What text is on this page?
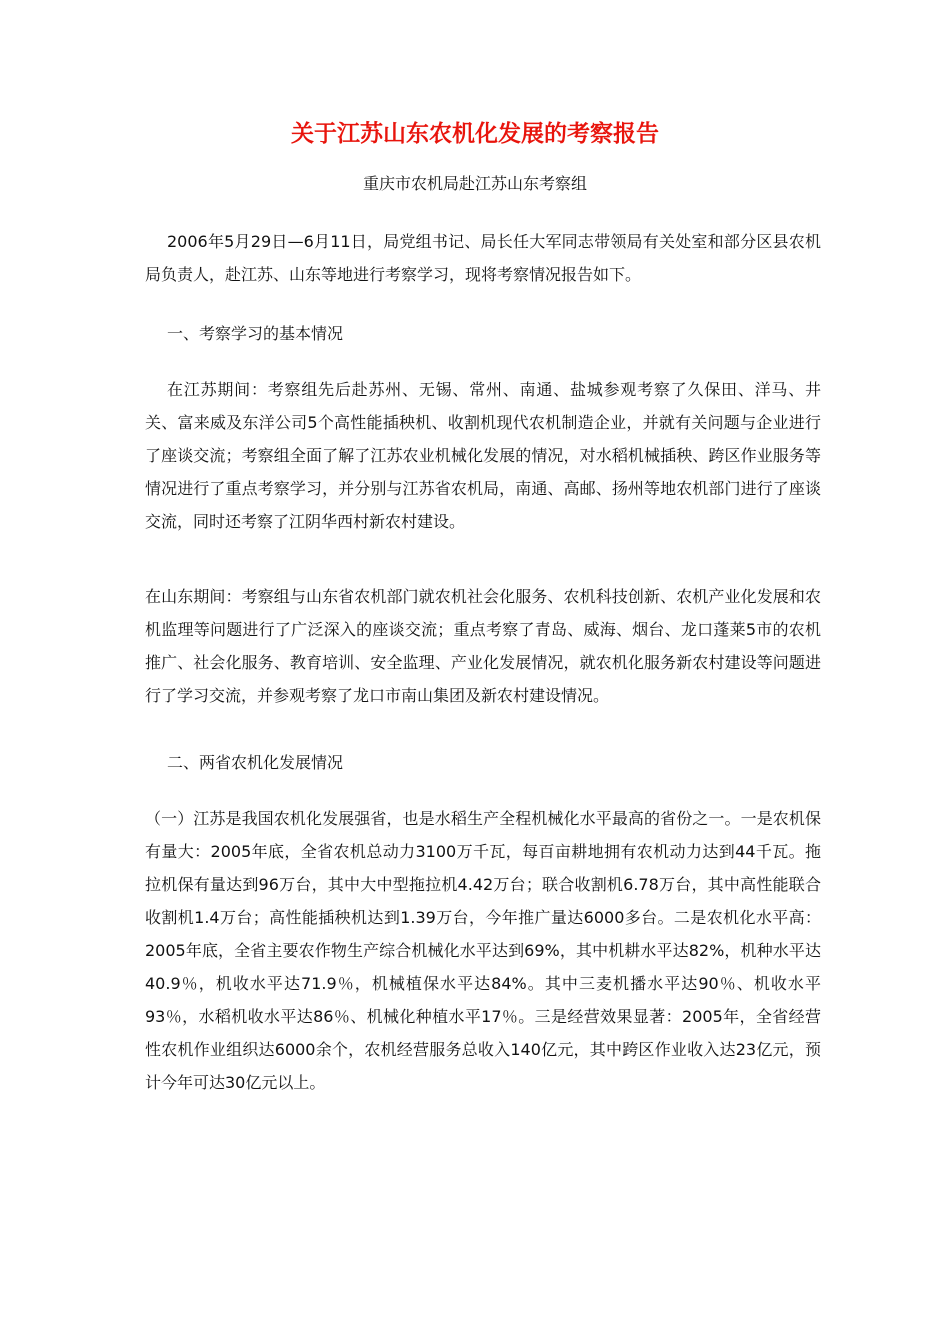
关于江苏山东农机化发展的考察报告

重庆市农机局赴江苏山东考察组

2006年5月29日—6月11日，局党组书记、局长任大军同志带领局有关处室和部分区县农机局负责人，赴江苏、山东等地进行考察学习，现将考察情况报告如下。

一、考察学习的基本情况

在江苏期间：考察组先后赴苏州、无锡、常州、南通、盐城参观考察了久保田、洋马、井关、富来威及东洋公司5个高性能插秧机、收割机现代农机制造企业，并就有关问题与企业进行了座谈交流；考察组全面了解了江苏农业机械化发展的情况，对水稻机械插秧、跨区作业服务等情况进行了重点考察学习，并分别与江苏省农机局，南通、高邮、扬州等地农机部门进行了座谈交流，同时还考察了江阴华西村新农村建设。

在山东期间：考察组与山东省农机部门就农机社会化服务、农机科技创新、农机产业化发展和农机监理等问题进行了广泛深入的座谈交流；重点考察了青岛、威海、烟台、龙口蓬莱5市的农机推广、社会化服务、教育培训、安全监理、产业化发展情况，就农机化服务新农村建设等问题进行了学习交流，并参观考察了龙口市南山集团及新农村建设情况。

二、两省农机化发展情况

（一）江苏是我国农机化发展强省，也是水稻生产全程机械化水平最高的省份之一。一是农机保有量大：2005年底，全省农机总动力3100万千瓦，每百亩耕地拥有农机动力达到44千瓦。拖拉机保有量达到96万台，其中大中型拖拉机4.42万台；联合收割机6.78万台，其中高性能联合收割机1.4万台；高性能插秧机达到1.39万台，今年推广量达6000多台。二是农机化水平高：2005年底，全省主要农作物生产综合机械化水平达到69%，其中机耕水平达82%，机种水平达40.9％，机收水平达71.9％，机械植保水平达84%。其中三麦机播水平达90％、机收水平93％，水稻机收水平达86％、机械化种植水平17％。三是经营效果显著：2005年，全省经营性农机作业组织达6000余个，农机经营服务总收入140亿元，其中跨区作业收入达23亿元，预计今年可达30亿元以上。
